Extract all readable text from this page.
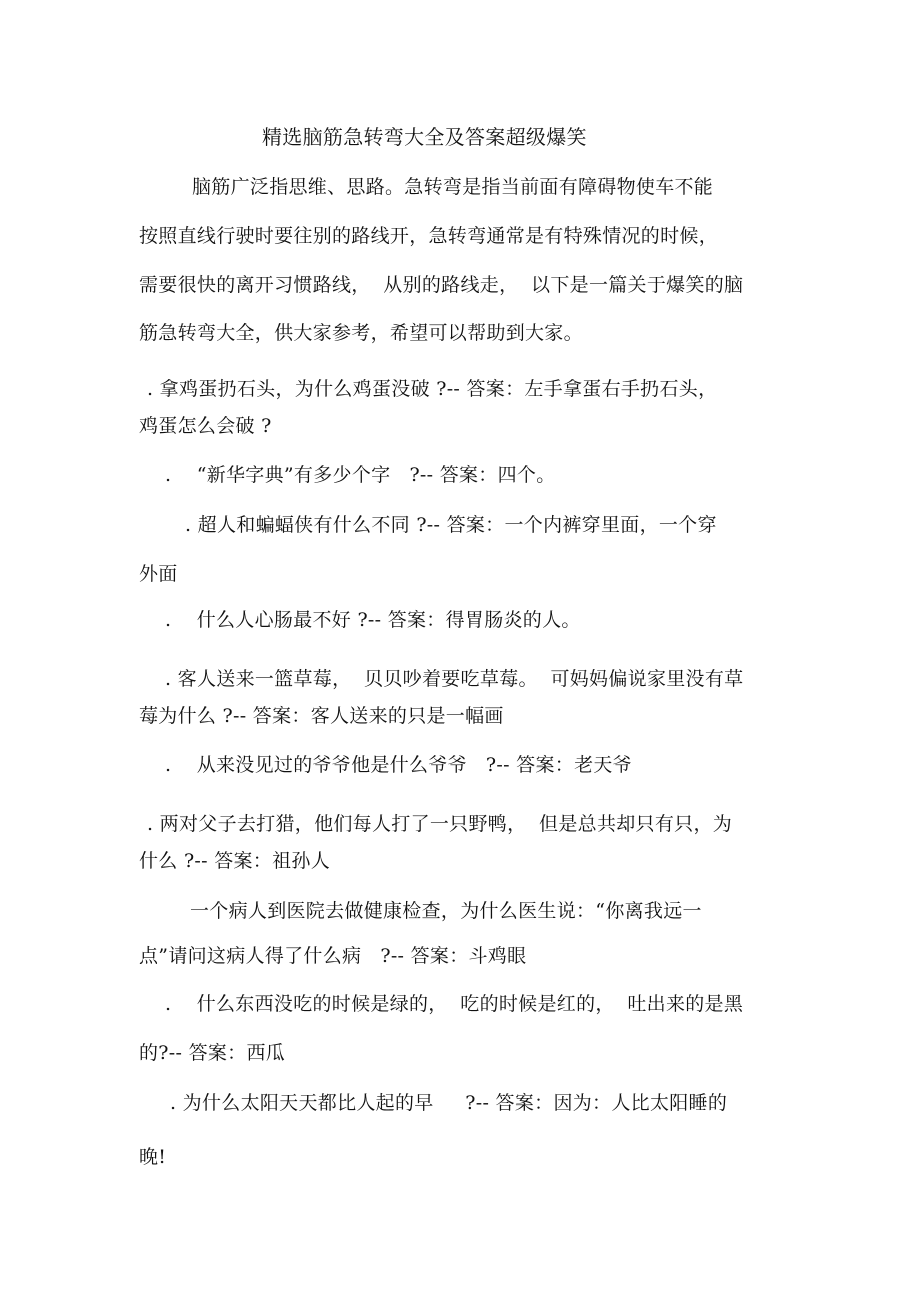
精选脑筋急转弯大全及答案超级爆笑
脑筋广泛指思维、思路。急转弯是指当前面有障碍物使车不能
按照直线行驶时要往别的路线开，急转弯通常是有特殊情况的时候，
需要很快的离开习惯路线，  从别的路线走，  以下是一篇关于爆笑的脑
筋急转弯大全，供大家参考，希望可以帮助到大家。
. 拿鸡蛋扔石头，为什么鸡蛋没破 ?-- 答案：左手拿蛋右手扔石头，
鸡蛋怎么会破 ?
.    “新华字典”有多少个字   ?-- 答案：四个。
. 超人和蝙蝠侠有什么不同 ?-- 答案：一个内裤穿里面，一个穿
外面
.    什么人心肠最不好 ?-- 答案：得胃肠炎的人。
. 客人送来一篮草莓，  贝贝吵着要吃草莓。  可妈妈偏说家里没有草
莓为什么 ?-- 答案：客人送来的只是一幅画
.    从来没见过的爷爷他是什么爷爷   ?-- 答案：老天爷
. 两对父子去打猎，他们每人打了一只野鸭，  但是总共却只有只，为
什么 ?-- 答案：祖孙人
一个病人到医院去做健康检查，为什么医生说：“你离我远一
点”请问这病人得了什么病   ?-- 答案：斗鸡眼
.    什么东西没吃的时候是绿的，  吃的时候是红的，  吐出来的是黑
的?-- 答案：西瓜
. 为什么太阳天天都比人起的早     ?-- 答案：因为：人比太阳睡的
晚!
